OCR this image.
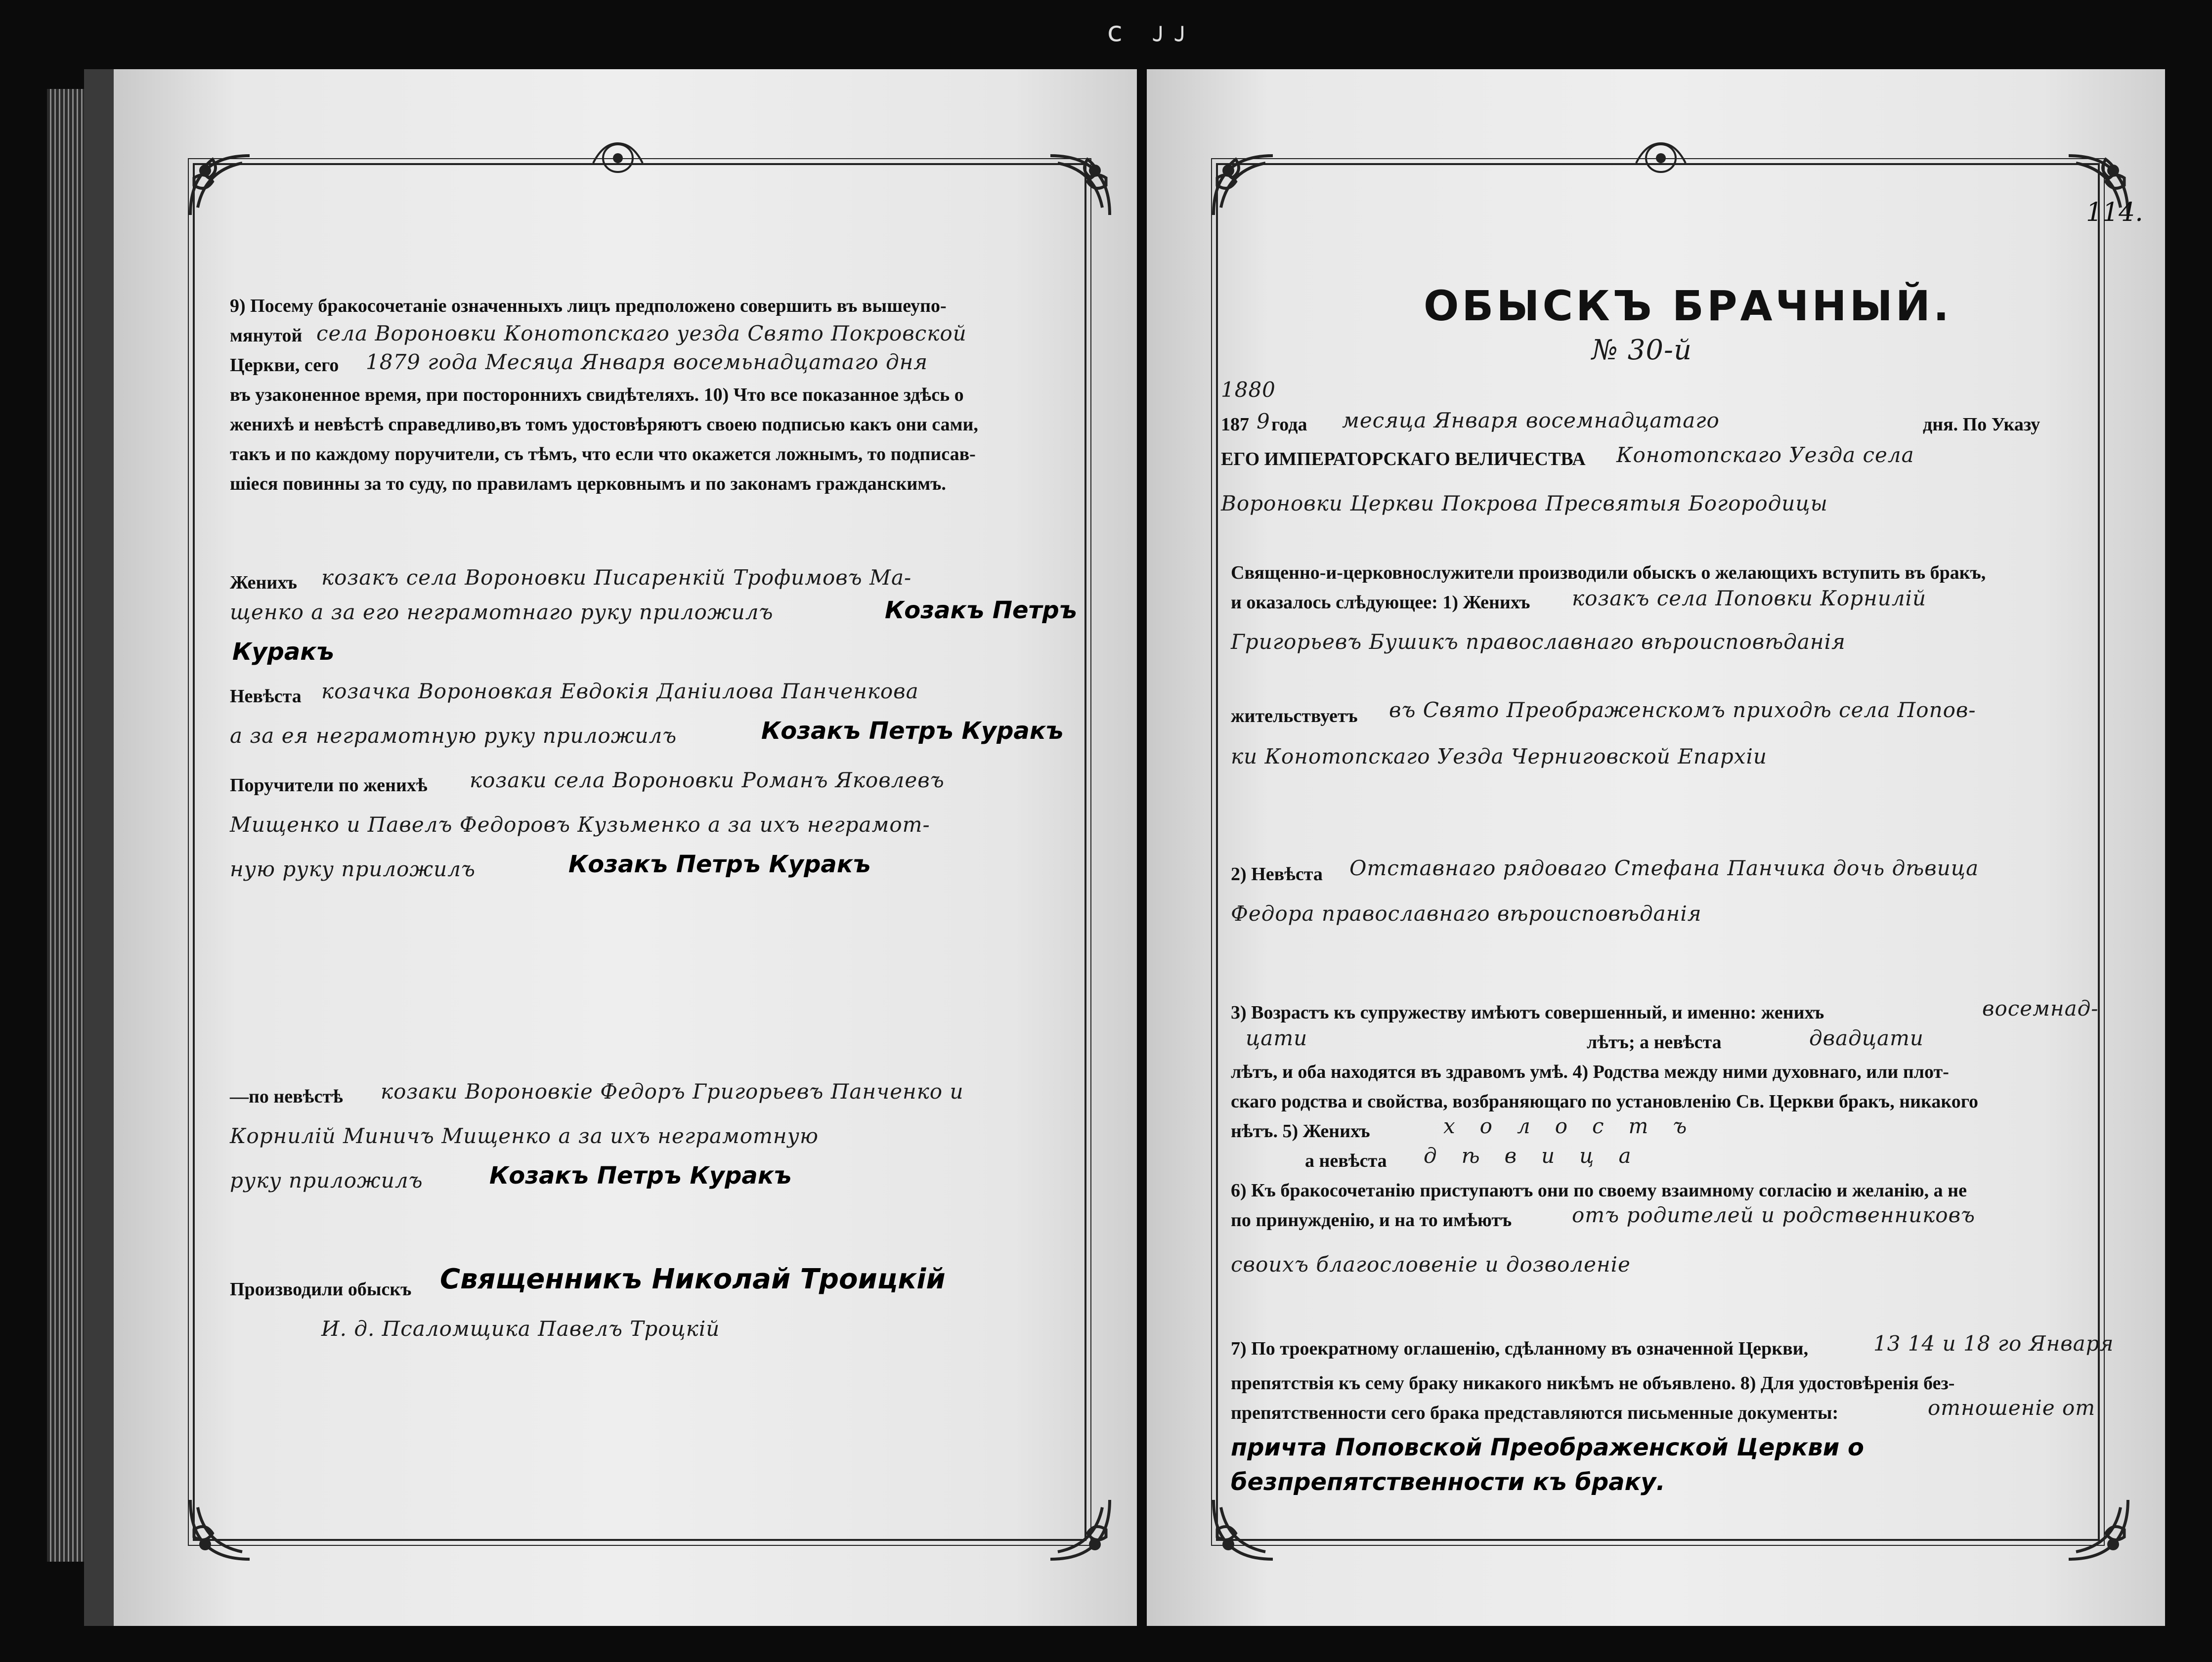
c ᴊᴊ
9) Посему бракосочетаніе означенныхъ лицъ предположено совершить въ вышеупо-
мянутой села Вороновки Конотопскаго уезда Свято Покровской
Церкви, сего 1879 года Месяца Января восемьнадцатаго дня
въ узаконенное время, при постороннихъ свидѣтеляхъ. 10) Что все показанное здѣсь о
женихѣ и невѣстѣ справедливо,въ томъ удостовѣряютъ своею подписью какъ они сами,
такъ и по каждому поручители, съ тѣмъ, что если что окажется ложнымъ, то подписав-
шіеся повинны за то суду, по правиламъ церковнымъ и по законамъ гражданскимъ.
Женихъ козакъ села Вороновки Писаренкій Трофимовъ Ма-
щенко а за его неграмотнаго руку приложилъ	Козакъ Петръ
Куракъ
Невѣста козачка Вороновкая Евдокія Даніилова Панченкова
а за ея неграмотную руку приложилъ	Козакъ Петръ Куракъ
Поручители по женихѣ козаки села Вороновки Романъ Яковлевъ
Мищенко и Павелъ Федоровъ Кузьменко а за ихъ неграмот-
ную руку приложилъ	Козакъ Петръ Куракъ
—по невѣстѣ козаки Вороновкіе Федоръ Григорьевъ Панченко и
Корнилій Миничъ Мищенко а за ихъ неграмотную
руку приложилъ	Козакъ Петръ Куракъ
Производили обыскъ Священникъ Николай Троицкій
И. д. Псаломщика Павелъ Троцкій
114.
ОБЫСКЪ БРАЧНЫЙ.
№ 30-й
1880
187 9 года месяца Января восемнадцатаго	дня. По Указу
ЕГО ИМПЕРАТОРСКАГО ВЕЛИЧЕСТВА Конотопскаго Уезда села
Вороновки Церкви Покрова Пресвятыя Богородицы
Священно-и-церковнослужители производили обыскъ о желающихъ вступить въ бракъ,
и оказалось слѣдующее: 1) Женихъ козакъ села Поповки Корнилій
Григорьевъ Бушикъ православнаго вѣроисповѣданія
жительствуетъ въ Свято Преображенскомъ приходѣ села Попов-
ки Конотопскаго Уезда Черниговской Епархіи
2) Невѣста Отставнаго рядоваго Стефана Панчика дочь дѣвица
Федора православнаго вѣроисповѣданія
3) Возрастъ къ супружеству имѣютъ совершенный, и именно: женихъ	восемнад-
цати	лѣтъ; а невѣста	двадцати
лѣтъ, и оба находятся въ здравомъ умѣ. 4) Родства между ними духовнаго, или плот-
скаго родства и свойства, возбраняющаго по установленію Св. Церкви бракъ, никакого
нѣтъ. 5) Женихъ	холостъ
а невѣста дѣвица
6) Къ бракосочетанію приступаютъ они по своему взаимному согласію и желанію, а не
по принужденію, и на то имѣютъ	отъ родителей и родственниковъ
своихъ благословеніе и дозволеніе
7) По троекратному оглашенію, сдѣланному въ означенной Церкви,	13 14 и 18 го Января
препятствія къ сему браку никакого никѣмъ не объявлено. 8) Для удостовѣренія без-
препятственности сего брака представляются письменные документы:	отношеніе от
причта Поповской Преображенской Церкви о
безпрепятственности къ браку.
